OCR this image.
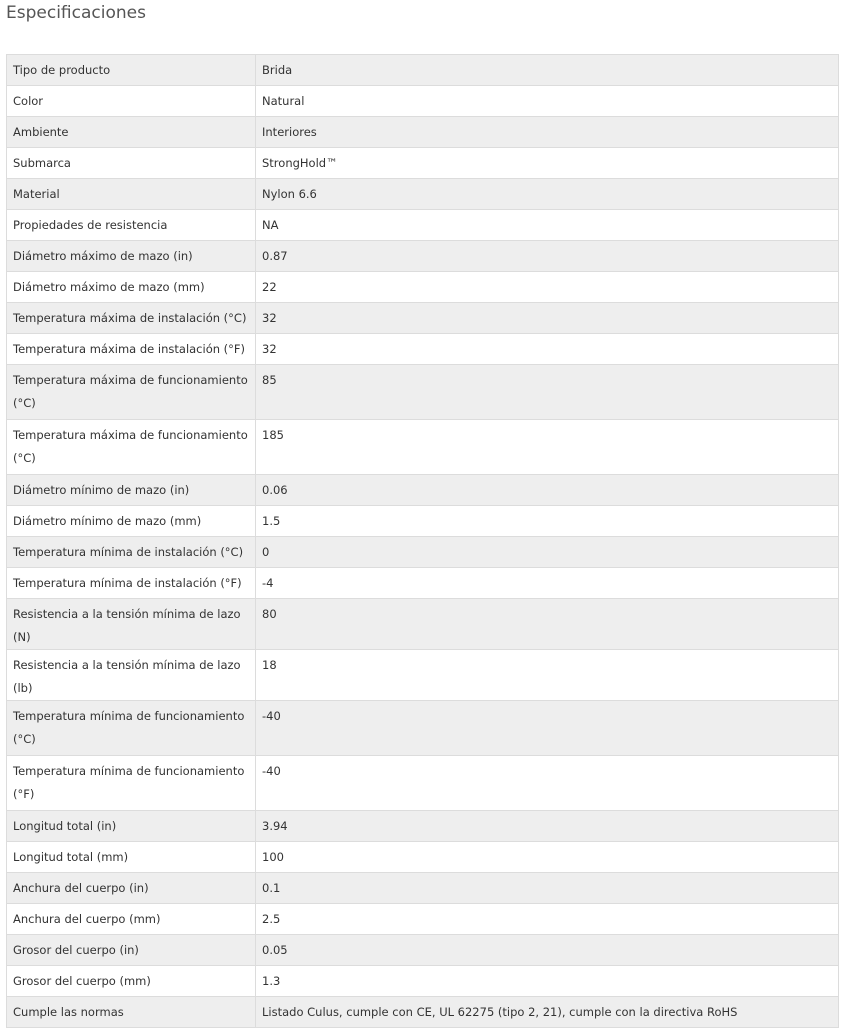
Especificaciones
Tipo de producto	Brida
Color	Natural
Ambiente	Interiores
Submarca	StrongHold™
Material	Nylon 6.6
Propiedades de resistencia	NA
Diámetro máximo de mazo (in)	0.87
Diámetro máximo de mazo (mm)	22
Temperatura máxima de instalación (°C)	32
Temperatura máxima de instalación (°F)	32
Temperatura máxima de funcionamiento (°C)	85
Temperatura máxima de funcionamiento (°C)	185
Diámetro mínimo de mazo (in)	0.06
Diámetro mínimo de mazo (mm)	1.5
Temperatura mínima de instalación (°C)	0
Temperatura mínima de instalación (°F)	-4
Resistencia a la tensión mínima de lazo (N)	80
Resistencia a la tensión mínima de lazo (lb)	18
Temperatura mínima de funcionamiento (°C)	-40
Temperatura mínima de funcionamiento (°F)	-40
Longitud total (in)	3.94
Longitud total (mm)	100
Anchura del cuerpo (in)	0.1
Anchura del cuerpo (mm)	2.5
Grosor del cuerpo (in)	0.05
Grosor del cuerpo (mm)	1.3
Cumple las normas	Listado Culus, cumple con CE, UL 62275 (tipo 2, 21), cumple con la directiva RoHS
